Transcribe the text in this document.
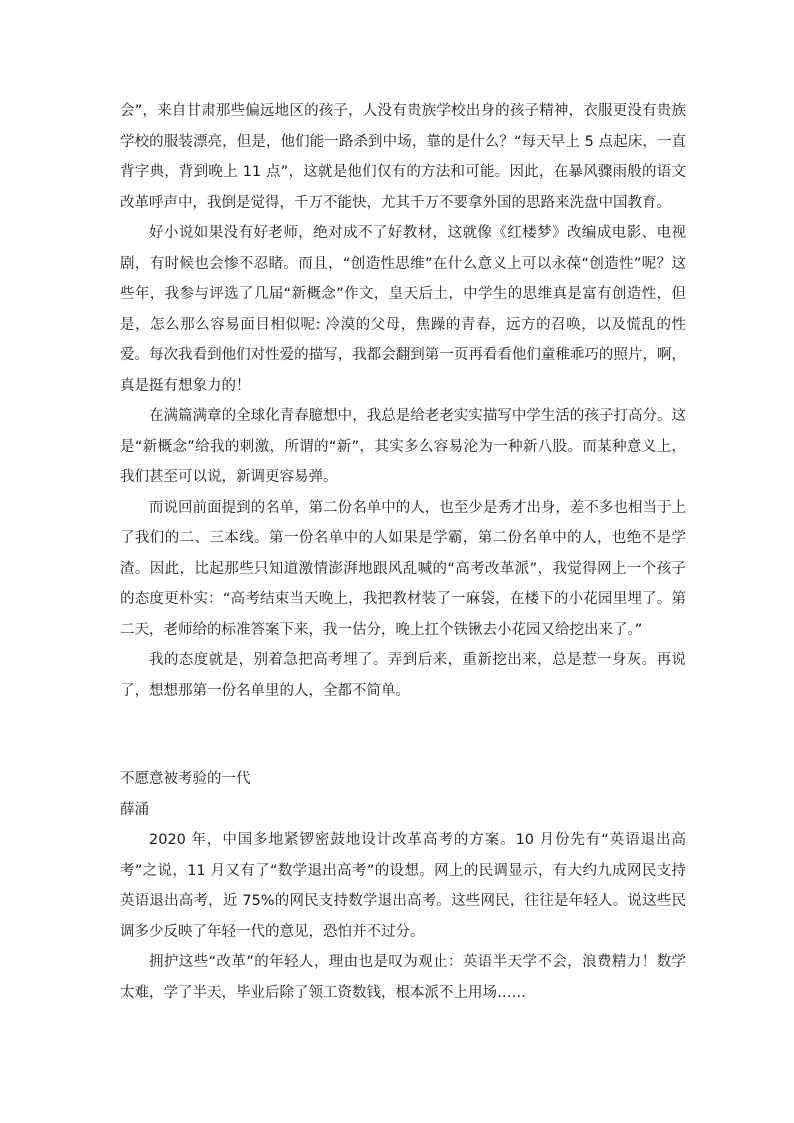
会”，来自甘肃那些偏远地区的孩子，人没有贵族学校出身的孩子精神，衣服更没有贵族学校的服装漂亮，但是，他们能一路杀到中场，靠的是什么？“每天早上 5 点起床，一直背字典，背到晚上 11 点”，这就是他们仅有的方法和可能。因此，在暴风骤雨般的语文改革呼声中，我倒是觉得，千万不能快，尤其千万不要拿外国的思路来洗盘中国教育。

好小说如果没有好老师，绝对成不了好教材，这就像《红楼梦》改编成电影、电视剧，有时候也会惨不忍睹。而且，“创造性思维”在什么意义上可以永葆“创造性”呢？这些年，我参与评选了几届“新概念”作文，皇天后土，中学生的思维真是富有创造性，但是，怎么那么容易面目相似呢: 冷漠的父母，焦躁的青春，远方的召唤，以及慌乱的性爱。每次我看到他们对性爱的描写，我都会翻到第一页再看看他们童稚乖巧的照片，啊，真是挺有想象力的！

在满篇满章的全球化青春臆想中，我总是给老老实实描写中学生活的孩子打高分。这是“新概念”给我的刺激，所谓的“新”，其实多么容易沦为一种新八股。而某种意义上，我们甚至可以说，新调更容易弹。

而说回前面提到的名单，第二份名单中的人，也至少是秀才出身，差不多也相当于上了我们的二、三本线。第一份名单中的人如果是学霸，第二份名单中的人，也绝不是学渣。因此，比起那些只知道激情澎湃地跟风乱喊的“高考改革派”，我觉得网上一个孩子的态度更朴实：“高考结束当天晚上，我把教材装了一麻袋，在楼下的小花园里埋了。第二天，老师给的标准答案下来，我一估分，晚上扛个铁锹去小花园又给挖出来了。”

我的态度就是，别着急把高考埋了。弄到后来，重新挖出来，总是惹一身灰。再说了，想想那第一份名单里的人，全都不简单。

不愿意被考验的一代

薛涌

2020 年，中国多地紧锣密鼓地设计改革高考的方案。10 月份先有“英语退出高考”之说，11 月又有了“数学退出高考”的设想。网上的民调显示，有大约九成网民支持英语退出高考，近 75%的网民支持数学退出高考。这些网民，往往是年轻人。说这些民调多少反映了年轻一代的意见，恐怕并不过分。

拥护这些“改革”的年轻人，理由也是叹为观止：英语半天学不会，浪费精力！数学太难，学了半天，毕业后除了领工资数钱，根本派不上用场……
